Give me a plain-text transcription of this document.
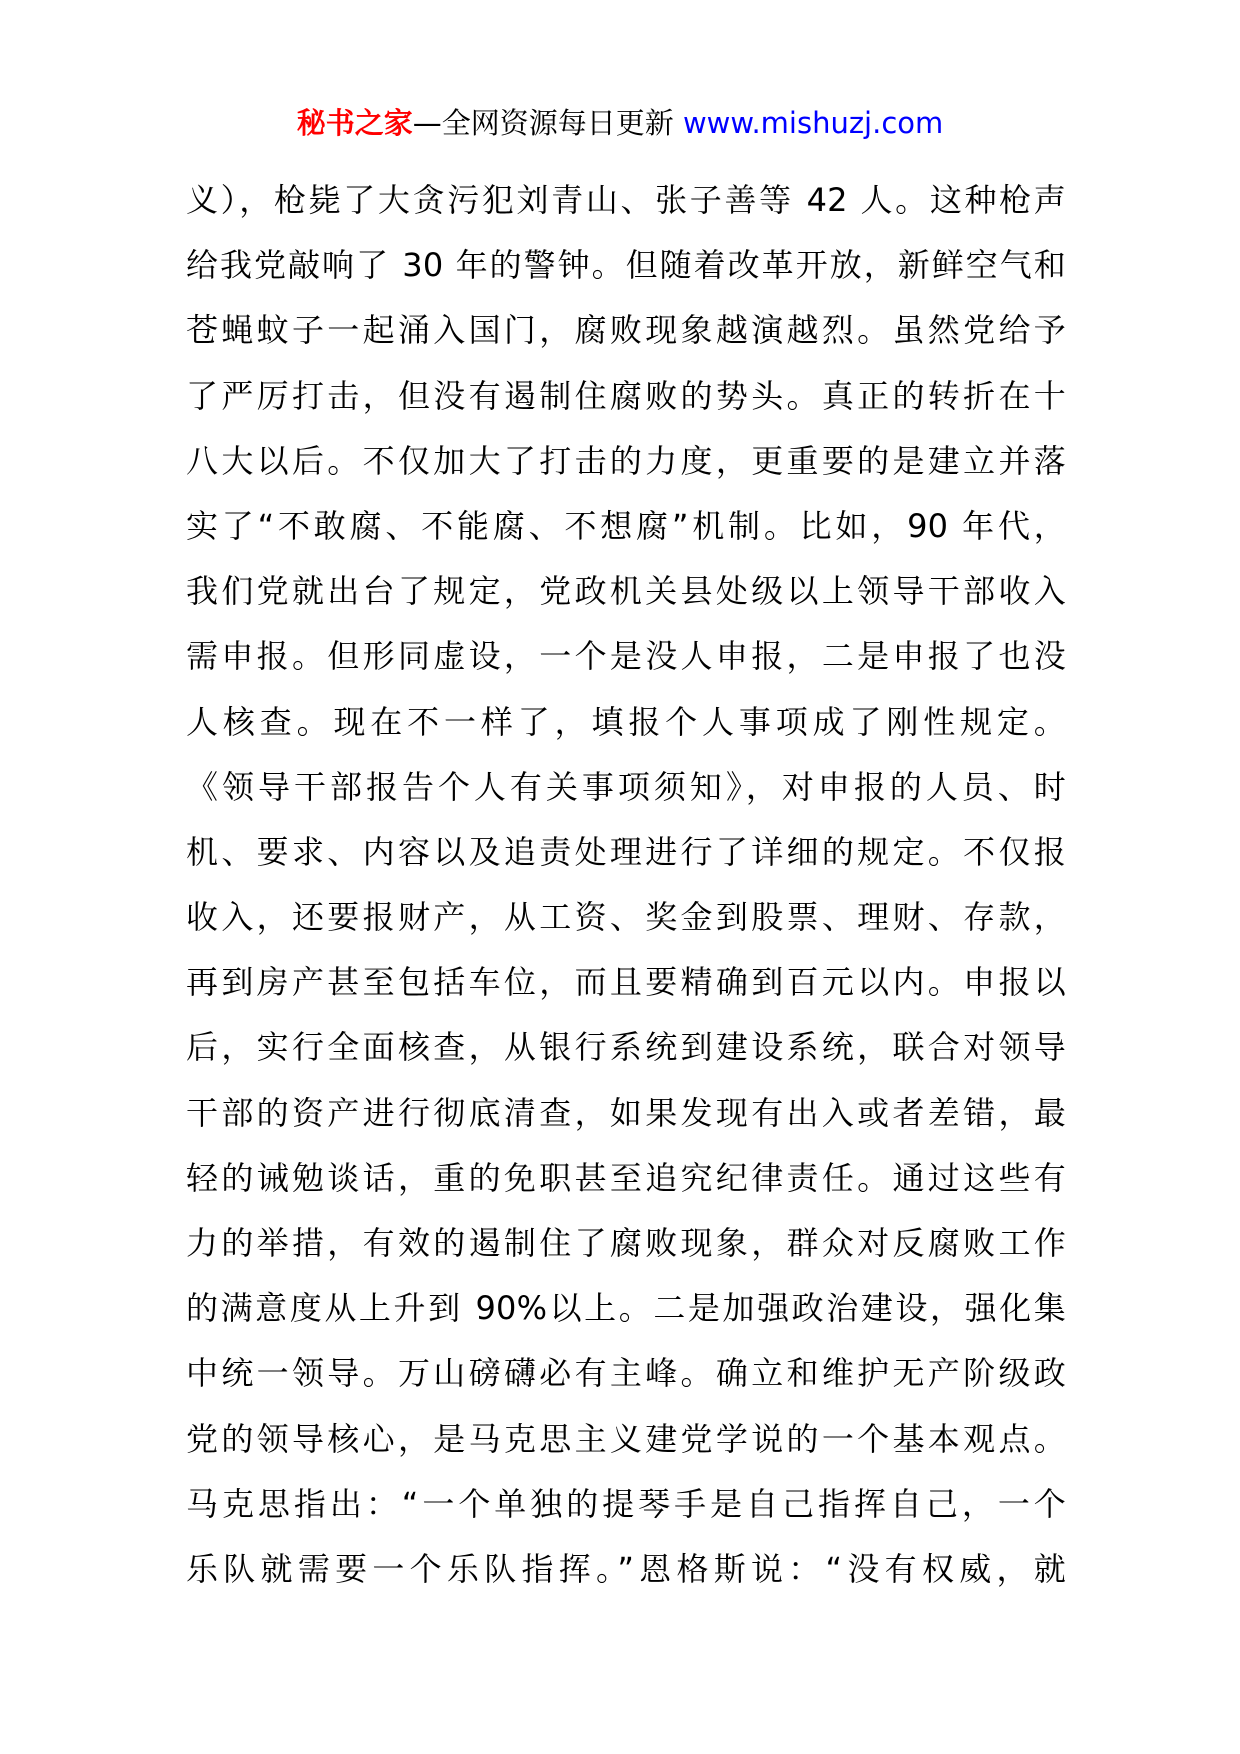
秘书之家—全网资源每日更新 www.mishuzj.com
义），枪毙了大贪污犯刘青山、张子善等 42 人。这种枪声
给我党敲响了 30 年的警钟。但随着改革开放，新鲜空气和
苍蝇蚊子一起涌入国门，腐败现象越演越烈。虽然党给予
了严厉打击，但没有遏制住腐败的势头。真正的转折在十
八大以后。不仅加大了打击的力度，更重要的是建立并落
实了“不敢腐、不能腐、不想腐”机制。比如，90 年代，
我们党就出台了规定，党政机关县处级以上领导干部收入
需申报。但形同虚设，一个是没人申报，二是申报了也没
人核查。现在不一样了，填报个人事项成了刚性规定。
《领导干部报告个人有关事项须知》，对申报的人员、时
机、要求、内容以及追责处理进行了详细的规定。不仅报
收入，还要报财产，从工资、奖金到股票、理财、存款，
再到房产甚至包括车位，而且要精确到百元以内。申报以
后，实行全面核查，从银行系统到建设系统，联合对领导
干部的资产进行彻底清查，如果发现有出入或者差错，最
轻的诫勉谈话，重的免职甚至追究纪律责任。通过这些有
力的举措，有效的遏制住了腐败现象，群众对反腐败工作
的满意度从上升到 90%以上。二是加强政治建设，强化集
中统一领导。万山磅礴必有主峰。确立和维护无产阶级政
党的领导核心，是马克思主义建党学说的一个基本观点。
马克思指出：“一个单独的提琴手是自己指挥自己，一个
乐队就需要一个乐队指挥。”恩格斯说：“没有权威，就
